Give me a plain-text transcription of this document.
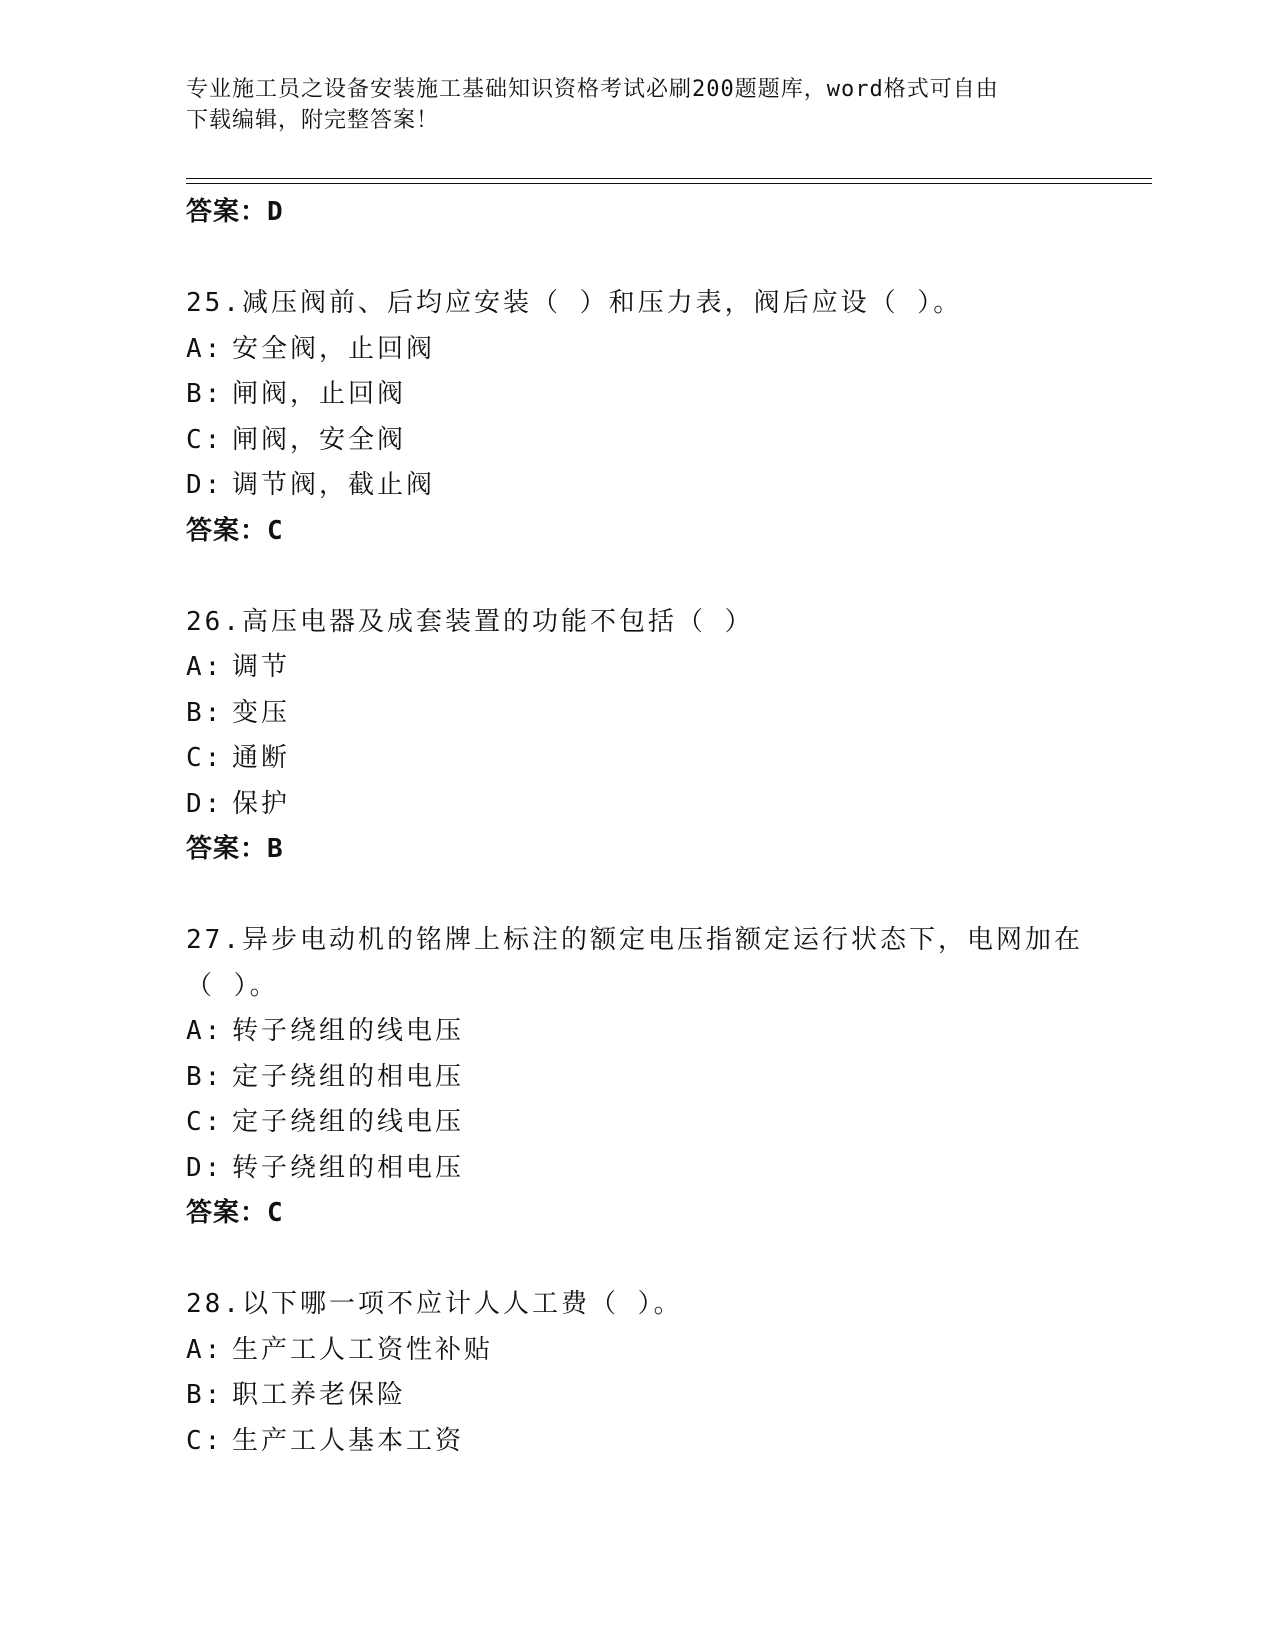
专业施工员之设备安装施工基础知识资格考试必刷200题题库，word格式可自由
下载编辑，附完整答案！
答案：D
25.减压阀前、后均应安装（ ）和压力表，阀后应设（ ）。
A: 安全阀，止回阀
B: 闸阀，止回阀
C: 闸阀，安全阀
D: 调节阀，截止阀
答案：C
26.高压电器及成套装置的功能不包括（ ）
A: 调节
B: 变压
C: 通断
D: 保护
答案：B
27.异步电动机的铭牌上标注的额定电压指额定运行状态下，电网加在
（ ）。
A: 转子绕组的线电压
B: 定子绕组的相电压
C: 定子绕组的线电压
D: 转子绕组的相电压
答案：C
28.以下哪一项不应计人人工费（ ）。
A: 生产工人工资性补贴
B: 职工养老保险
C: 生产工人基本工资
